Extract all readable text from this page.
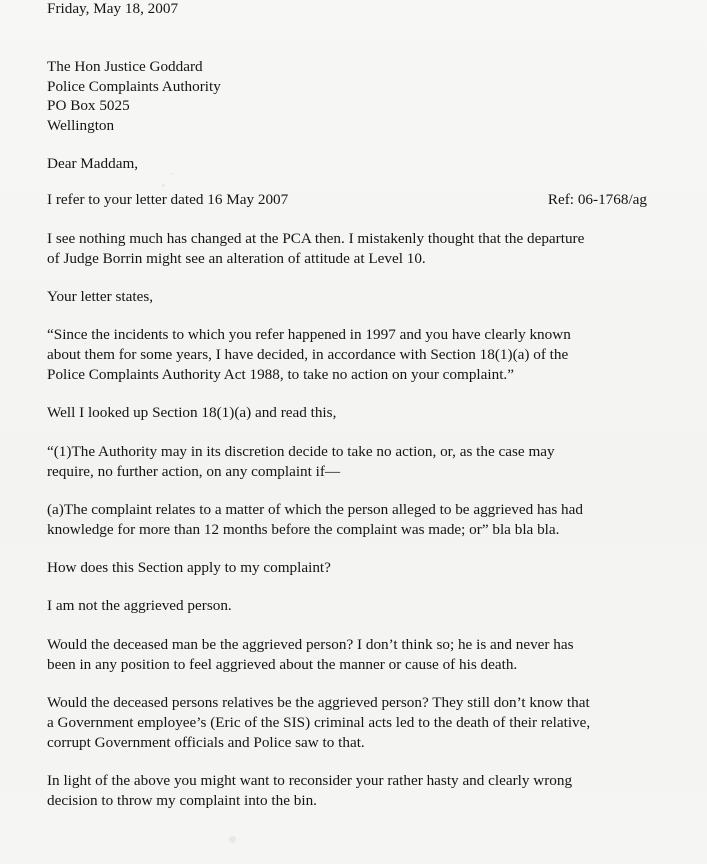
Friday, May 18, 2007

The Hon Justice Goddard

Police Complaints Authority

PO Box 5025

Wellington

Dear Maddam,

I refer to your letter dated 16 May 2007	Ref: 06-1768/ag
I see nothing much has changed at the PCA then. I mistakenly thought that the departure
of Judge Borrin might see an alteration of attitude at Level 10.
Your letter states,
“Since the incidents to which you refer happened in 1997 and you have clearly known
about them for some years, I have decided, in accordance with Section 18(1)(a) of the
Police Complaints Authority Act 1988, to take no action on your complaint.”
Well I looked up Section 18(1)(a) and read this,
“(1)The Authority may in its discretion decide to take no action, or, as the case may
require, no further action, on any complaint if—
(a)The complaint relates to a matter of which the person alleged to be aggrieved has had
knowledge for more than 12 months before the complaint was made; or” bla bla bla.
How does this Section apply to my complaint?
I am not the aggrieved person.
Would the deceased man be the aggrieved person? I don’t think so; he is and never has
been in any position to feel aggrieved about the manner or cause of his death.
Would the deceased persons relatives be the aggrieved person? They still don’t know that
a Government employee’s (Eric of the SIS) criminal acts led to the death of their relative,
corrupt Government officials and Police saw to that.
In light of the above you might want to reconsider your rather hasty and clearly wrong
decision to throw my complaint into the bin.
